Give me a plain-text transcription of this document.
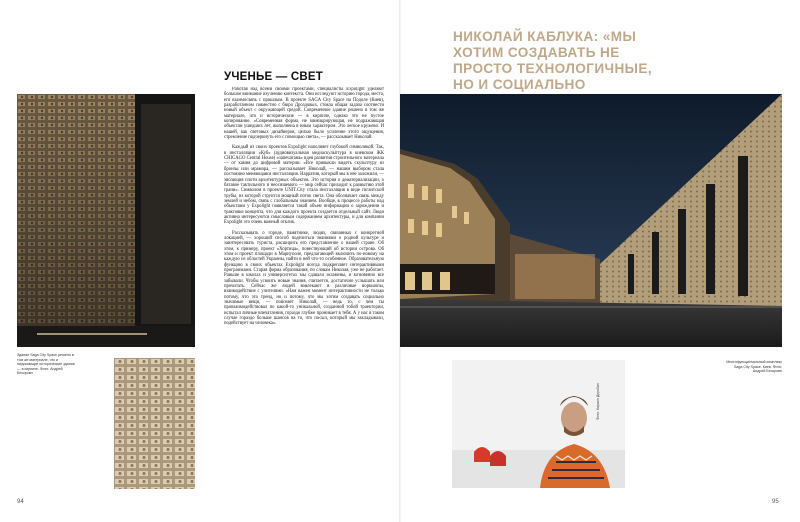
Здание Saga City Space решено в том же материале, что и окружающие исторические здания — в кирпиче. Фото: Андрей Бескровн
УЧЕНЬЕ — СВЕТ

Работая над всеми своими проектами, специалисты Expolight уделяют большое внимание изучению контекста. Они исследуют историю города, места, его взаимосвязь с прошлым. В проекте SAGA City Space на Подоле (Киев), разработанном совместно с бюро Дроздовых, стояла общая задача соотнести новый объект с окружающей средой. Современное здание решено в том же материале, что и исторические — в кирпиче, однако это не пустое копирование. «Современная форма, не мимикрирующая, не подражающая объектам ушедших лет, выполнена в иным характером. Это легкое кружево. И нашей, как световых дизайнеров, целью было усиление этого ощущения, стремление подчеркнуть его с помощью света», — рассказывает Николай.

Каждый из своих проектов Expolight наполняет глубокой символикой. Так, в инсталляции «Куб» (аудиовизуальная медиаскульптура в киевском ЖК CHICAGO Central House) «запечатана» идея развития строительного материала — от камня до цифровой материи. «Все привыкли видеть скульптуру из бронзы или мрамора, — рассказывает Николай, — нашим выбором стала постоянно меняющаяся инсталляция. Нарратив, который мы в нее заложили, — эволюция плоти архитектурных объектов. Это история о дематериализации, о батавое тактильного и неосязаемого — мир сейчас приходит к размытию этой грани». Символом в проекте UNIT.City стала инсталляция в виде гигантской трубы, из которой струится мощный поток света. Она обозначает связь между землей и небом, связь с глобальным знанием. Вообще, в процессе работы над объектами у Expolight появляется такой объем информации о зарождении и трактовке концепта, что для каждого проекта создается отдельный сайт. Люди активно интересуются смысловым содержанием архитектуры, и для компании Expolight это очень важный отклик.

Рассказывать о городе, памятнике, людях, связанных с конкретной локацией, — хороший способ поделиться знаниями о родной культуре и заинтересовать туриста, расширить его представление о нашей стране. Об этом, к примеру, проект «Хортица», повествующий об истории острова. Об этом и проект площади в Мариуполе, предлагающей включить по-новому на каждую из областей Украины, найти в ней что-то особенное. Образовательную функцию в своих объектах Expolight всегда подкрепляет интерактивными программами. Старая форма образования, по словам Николая, уже не работает. Раньше в школах и университетах мы сдавали экзамены, и мгновенно все забывали. Чтобы усвоить новые знания, считается, достаточно услышать или прочитать. Сейчас же людей вовлекают в различные воркшопы, взаимодействие с учителями. «Нам важен момент интерактивности не только потому, что это тренд, но и потому, что мы хотим создавать социально значимые вещи, — поясняет Николай, — ведь то, с чем ты провзаимодействовал по какой-то уникальной, созданной тобой траектории, испытал личные впечатления, гораздо глубже проникает в тебя. А у нас в таком случае гораздо больше шансов на то, что посыл, который мы закладывали, подействует на человека».

94
НИКОЛАЙ КАБЛУКА: «МЫ ХОТИМ СОЗДАВАТЬ НЕ ПРОСТО ТЕХНОЛОГИЧНЫЕ, НО И СОЦИАЛЬНО
Многофункциональный комплекс Saga City Space. Киев. Фото: Андрей Бескровн
Фото: Кирилл Дерябин
95
